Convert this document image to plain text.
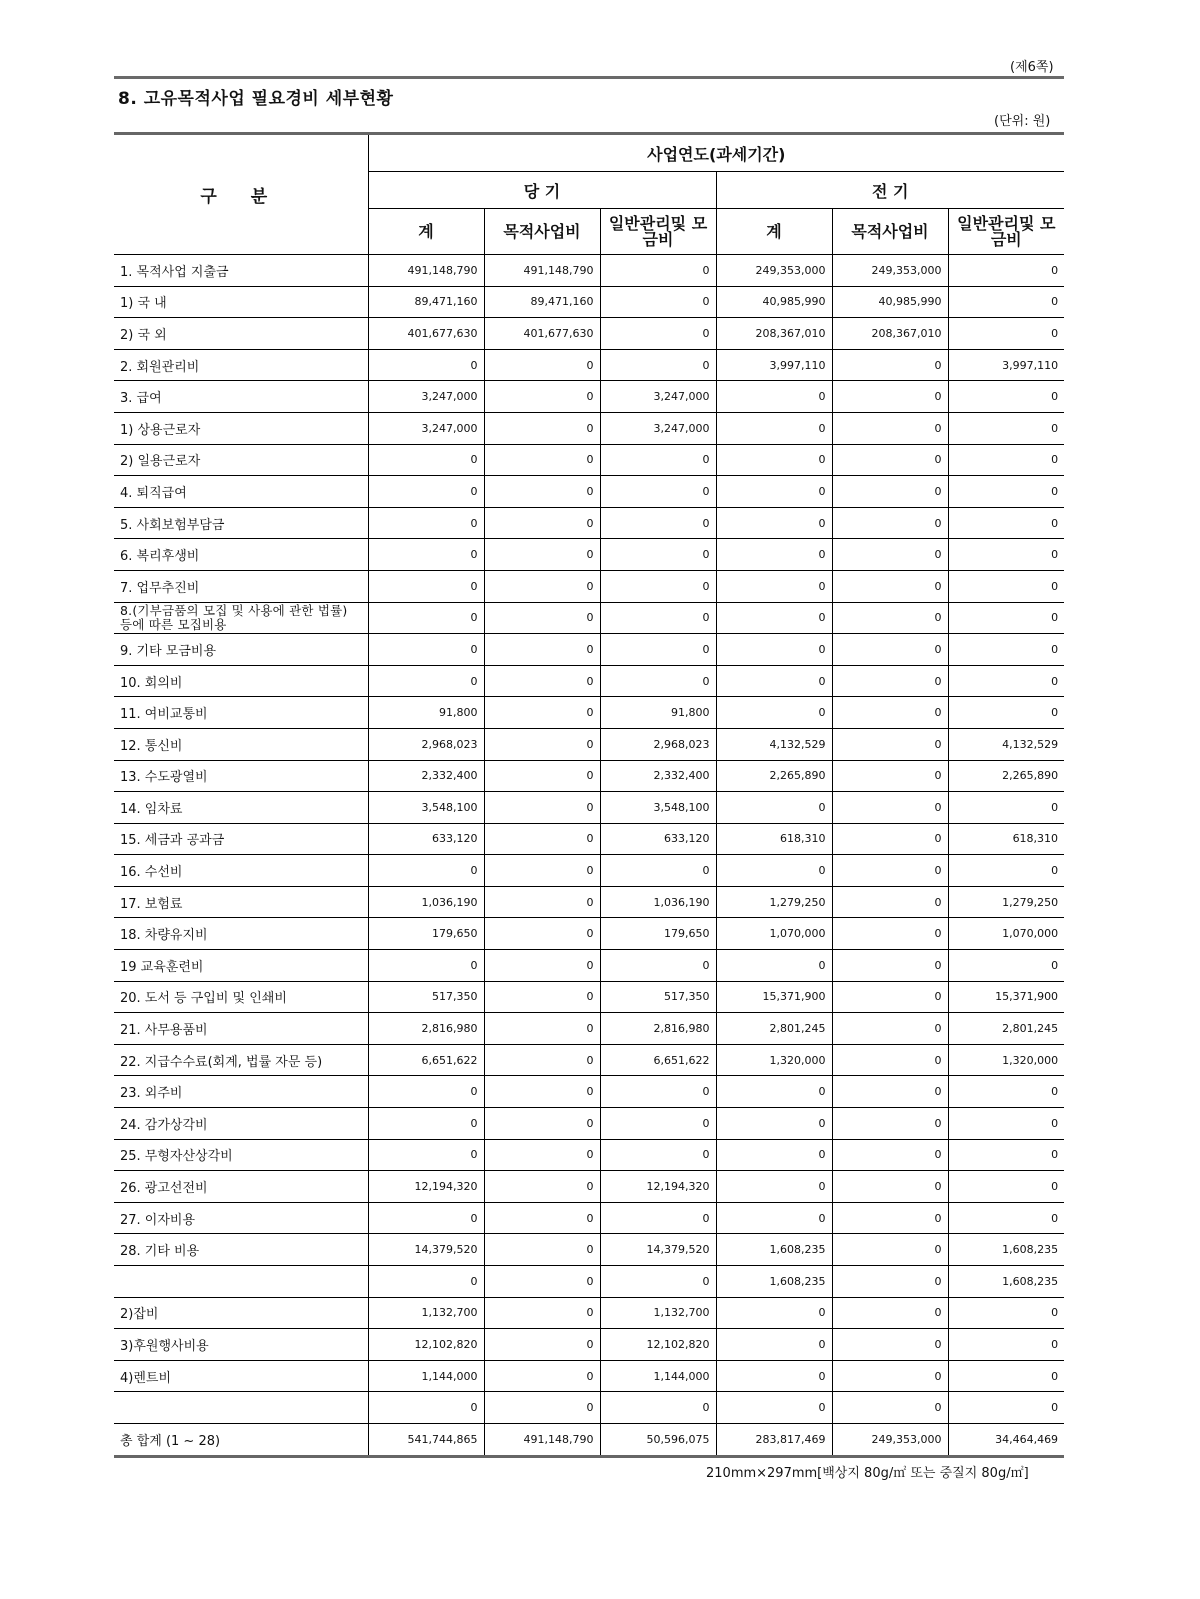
(제6쪽)
8. 고유목적사업 필요경비 세부현황
(단위: 원)
구 분	사업연도(과세기간)					
	당 기			전 기		
	계	목적사업비	일반관리및 모금비	계	목적사업비	일반관리및 모금비
1. 목적사업 지출금	491,148,790	491,148,790	0	249,353,000	249,353,000	0
1) 국 내	89,471,160	89,471,160	0	40,985,990	40,985,990	0
2) 국 외	401,677,630	401,677,630	0	208,367,010	208,367,010	0
2. 회원관리비	0	0	0	3,997,110	0	3,997,110
3. 급여	3,247,000	0	3,247,000	0	0	0
1) 상용근로자	3,247,000	0	3,247,000	0	0	0
2) 일용근로자	0	0	0	0	0	0
4. 퇴직급여	0	0	0	0	0	0
5. 사회보험부담금	0	0	0	0	0	0
6. 복리후생비	0	0	0	0	0	0
7. 업무추진비	0	0	0	0	0	0
8.(기부금품의 모집 및 사용에 관한 법률) 등에 따른 모집비용	0	0	0	0	0	0
9. 기타 모금비용	0	0	0	0	0	0
10. 회의비	0	0	0	0	0	0
11. 여비교통비	91,800	0	91,800	0	0	0
12. 통신비	2,968,023	0	2,968,023	4,132,529	0	4,132,529
13. 수도광열비	2,332,400	0	2,332,400	2,265,890	0	2,265,890
14. 임차료	3,548,100	0	3,548,100	0	0	0
15. 세금과 공과금	633,120	0	633,120	618,310	0	618,310
16. 수선비	0	0	0	0	0	0
17. 보험료	1,036,190	0	1,036,190	1,279,250	0	1,279,250
18. 차량유지비	179,650	0	179,650	1,070,000	0	1,070,000
19 교육훈련비	0	0	0	0	0	0
20. 도서 등 구입비 및 인쇄비	517,350	0	517,350	15,371,900	0	15,371,900
21. 사무용품비	2,816,980	0	2,816,980	2,801,245	0	2,801,245
22. 지급수수료(회계, 법률 자문 등)	6,651,622	0	6,651,622	1,320,000	0	1,320,000
23. 외주비	0	0	0	0	0	0
24. 감가상각비	0	0	0	0	0	0
25. 무형자산상각비	0	0	0	0	0	0
26. 광고선전비	12,194,320	0	12,194,320	0	0	0
27. 이자비용	0	0	0	0	0	0
28. 기타 비용	14,379,520	0	14,379,520	1,608,235	0	1,608,235
	0	0	0	1,608,235	0	1,608,235
2)잡비	1,132,700	0	1,132,700	0	0	0
3)후원행사비용	12,102,820	0	12,102,820	0	0	0
4)렌트비	1,144,000	0	1,144,000	0	0	0
	0	0	0	0	0	0
총 합계 (1 ~ 28)	541,744,865	491,148,790	50,596,075	283,817,469	249,353,000	34,464,469
210mm×297mm[백상지 80g/㎡ 또는 중질지 80g/㎡]
